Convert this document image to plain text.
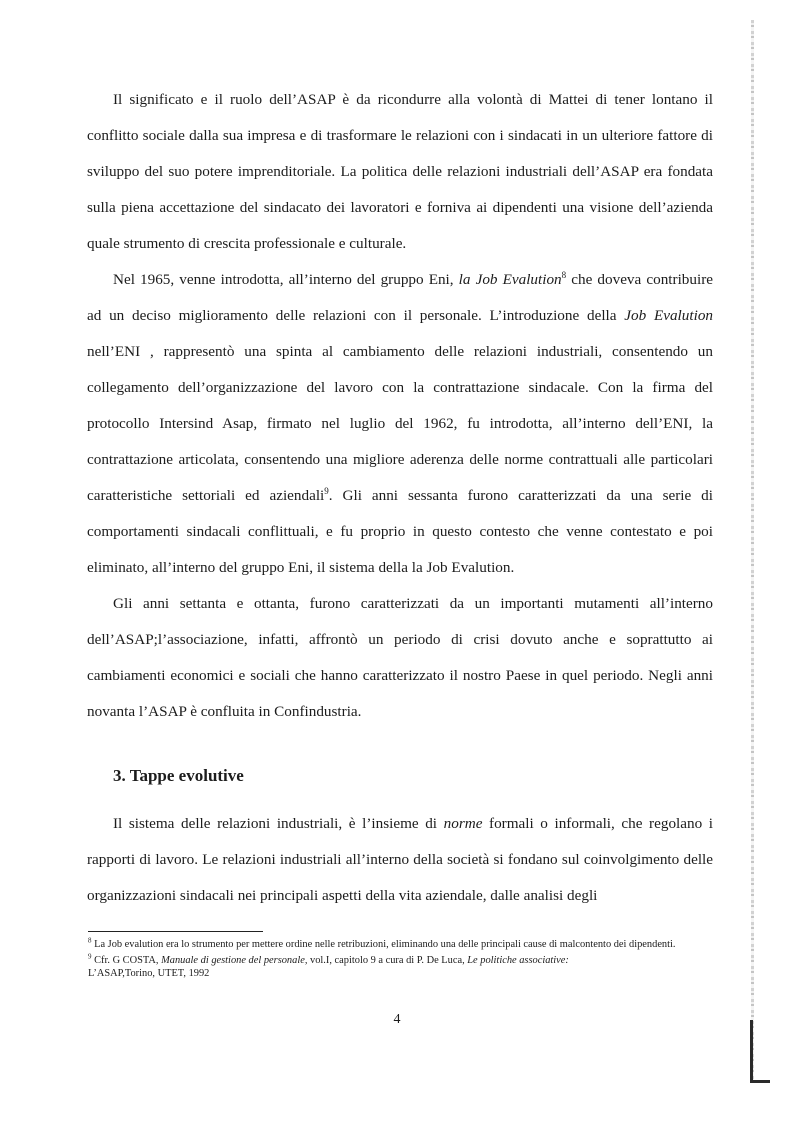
Il significato e il ruolo dell’ASAP è da ricondurre alla volontà di Mattei di tener lontano il conflitto sociale dalla sua impresa e di trasformare le relazioni con i sindacati in un ulteriore fattore di sviluppo del suo potere imprenditoriale. La politica delle relazioni industriali dell’ASAP era fondata sulla piena accettazione del sindacato dei lavoratori e forniva ai dipendenti una visione dell’azienda quale strumento di crescita professionale e culturale.

Nel 1965, venne introdotta, all’interno del gruppo Eni, la Job Evalution$^8$ che doveva contribuire ad un deciso miglioramento delle relazioni con il personale. L’introduzione della Job Evalution nell’ENI , rappresentò una spinta al cambiamento delle relazioni industriali, consentendo un collegamento dell’organizzazione del lavoro con la contrattazione sindacale. Con la firma del protocollo Intersind Asap, firmato nel luglio del 1962, fu introdotta, all’interno dell’ENI, la contrattazione articolata, consentendo una migliore aderenza delle norme contrattuali alle particolari caratteristiche settoriali ed aziendali$^9$. Gli anni sessanta furono caratterizzati da una serie di comportamenti sindacali conflittuali, e fu proprio in questo contesto che venne contestato e poi eliminato, all’interno del gruppo Eni, il sistema della la Job Evalution.

Gli anni settanta e ottanta, furono caratterizzati da un importanti mutamenti all’interno dell’ASAP;l’associazione, infatti, affrontò un periodo di crisi dovuto anche e soprattutto ai cambiamenti economici e sociali che hanno caratterizzato il nostro Paese in quel periodo. Negli anni novanta l’ASAP è confluita in Confindustria.

3. Tappe evolutive

Il sistema delle relazioni industriali, è l’insieme di norme formali o informali, che regolano i rapporti di lavoro. Le relazioni industriali all’interno della società si fondano sul coinvolgimento delle organizzazioni sindacali nei principali aspetti della vita aziendale, dalle analisi degli

$^8$ La Job evalution era lo strumento per mettere ordine nelle retribuzioni, eliminando una delle principali cause di malcontento dei dipendenti.

$^9$ Cfr. G COSTA, Manuale di gestione del personale, vol.I, capitolo 9 a cura di P. De Luca, Le politiche associative:
L’ASAP,Torino, UTET, 1992

4
